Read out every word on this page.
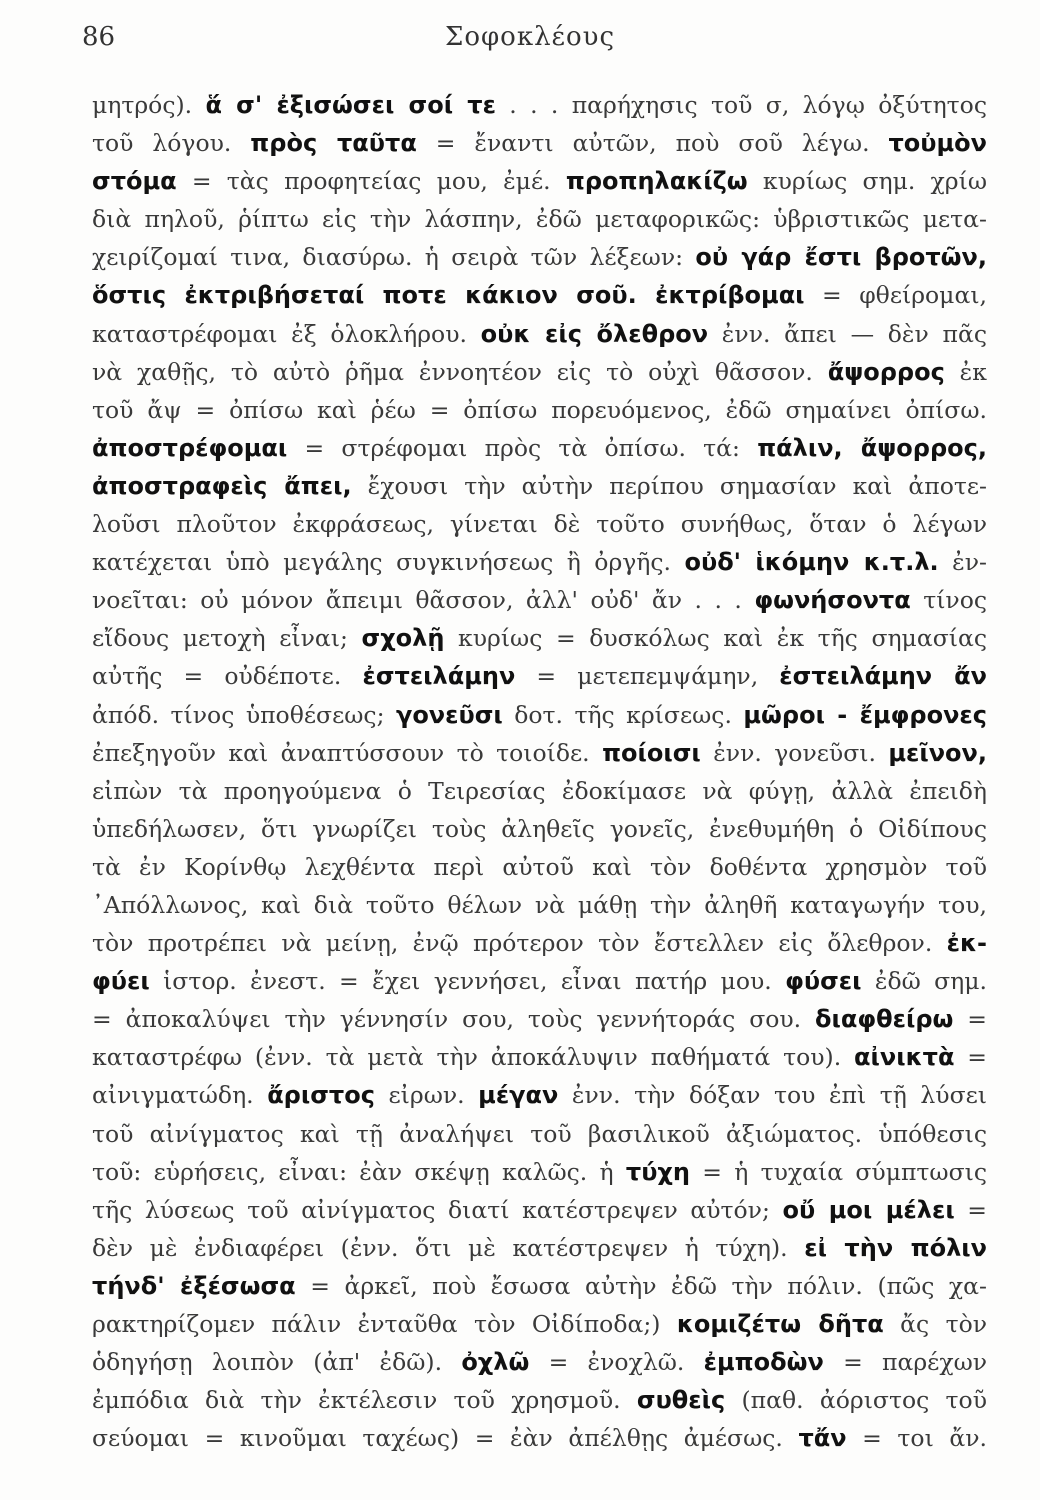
86	Σοφοκλέους
μητρός). ἅ σ' ἐξισώσει σοί τε . . . παρήχησις τοῦ σ, λόγῳ ὀξύτητος
τοῦ λόγου. πρὸς ταῦτα = ἔναντι αὐτῶν, ποὺ σοῦ λέγω. τοὐμὸν
στόμα = τὰς προφητείας μου, ἐμέ. προπηλακίζω κυρίως σημ. χρίω
διὰ πηλοῦ, ῥίπτω εἰς τὴν λάσπην, ἐδῶ μεταφορικῶς: ὑβριστικῶς μετα-
χειρίζομαί τινα, διασύρω. ἡ σειρὰ τῶν λέξεων: οὐ γάρ ἔστι βροτῶν,
ὅστις ἐκτριβήσεταί ποτε κάκιον σοῦ. ἐκτρίβομαι = φθείρομαι,
καταστρέφομαι ἐξ ὁλοκλήρου. οὐκ εἰς ὄλεθρον ἐνν. ἄπει — δὲν πᾶς
νὰ χαθῇς, τὸ αὐτὸ ῥῆμα ἐννοητέον εἰς τὸ οὐχὶ θᾶσσον. ἄψορρος ἐκ
τοῦ ἄψ = ὀπίσω καὶ ῥέω = ὀπίσω πορευόμενος, ἐδῶ σημαίνει ὀπίσω.
ἀποστρέφομαι = στρέφομαι πρὸς τὰ ὀπίσω. τά: πάλιν, ἄψορρος,
ἀποστραφεὶς ἄπει, ἔχουσι τὴν αὐτὴν περίπου σημασίαν καὶ ἀποτε-
λοῦσι πλοῦτον ἐκφράσεως, γίνεται δὲ τοῦτο συνήθως, ὅταν ὁ λέγων
κατέχεται ὑπὸ μεγάλης συγκινήσεως ἢ ὀργῆς. οὐδ' ἱκόμην κ.τ.λ. ἐν-
νοεῖται: οὐ μόνον ἄπειμι θᾶσσον, ἀλλ' οὐδ' ἄν . . . φωνήσοντα τίνος
εἴδους μετοχὴ εἶναι; σχολῇ κυρίως = δυσκόλως καὶ ἐκ τῆς σημασίας
αὐτῆς = οὐδέποτε. ἐστειλάμην = μετεπεμψάμην, ἐστειλάμην ἄν
ἀπόδ. τίνος ὑποθέσεως; γονεῦσι δοτ. τῆς κρίσεως. μῶροι - ἔμφρονες
ἐπεξηγοῦν καὶ ἀναπτύσσουν τὸ τοιοίδε. ποίοισι ἐνν. γονεῦσι. μεῖνον,
εἰπὼν τὰ προηγούμενα ὁ Τειρεσίας ἐδοκίμασε νὰ φύγῃ, ἀλλὰ ἐπειδὴ
ὑπεδήλωσεν, ὅτι γνωρίζει τοὺς ἀληθεῖς γονεῖς, ἐνεθυμήθη ὁ Οἰδίπους
τὰ ἐν Κορίνθῳ λεχθέντα περὶ αὐτοῦ καὶ τὸν δοθέντα χρησμὸν τοῦ
᾿Απόλλωνος, καὶ διὰ τοῦτο θέλων νὰ μάθῃ τὴν ἀληθῆ καταγωγήν του,
τὸν προτρέπει νὰ μείνῃ, ἐνῷ πρότερον τὸν ἔστελλεν εἰς ὄλεθρον. ἐκ-
φύει ἱστορ. ἐνεστ. = ἔχει γεννήσει, εἶναι πατήρ μου. φύσει ἐδῶ σημ.
= ἀποκαλύψει τὴν γέννησίν σου, τοὺς γεννήτοράς σου. διαφθείρω =
καταστρέφω (ἐνν. τὰ μετὰ τὴν ἀποκάλυψιν παθήματά του). αἰνικτὰ =
αἰνιγματώδη. ἄριστος εἰρων. μέγαν ἐνν. τὴν δόξαν του ἐπὶ τῇ λύσει
τοῦ αἰνίγματος καὶ τῇ ἀναλήψει τοῦ βασιλικοῦ ἀξιώματος. ὑπόθεσις
τοῦ: εὑρήσεις, εἶναι: ἐὰν σκέψῃ καλῶς. ἡ τύχη = ἡ τυχαία σύμπτωσις
τῆς λύσεως τοῦ αἰνίγματος διατί κατέστρεψεν αὐτόν; οὔ μοι μέλει =
δὲν μὲ ἐνδιαφέρει (ἐνν. ὅτι μὲ κατέστρεψεν ἡ τύχη). εἰ τὴν πόλιν
τήνδ' ἐξέσωσα = ἀρκεῖ, ποὺ ἔσωσα αὐτὴν ἐδῶ τὴν πόλιν. (πῶς χα-
ρακτηρίζομεν πάλιν ἐνταῦθα τὸν Οἰδίποδα;) κομιζέτω δῆτα ἄς τὸν
ὁδηγήσῃ λοιπὸν (ἀπ' ἐδῶ). ὀχλῶ = ἐνοχλῶ. ἐμποδὼν = παρέχων
ἐμπόδια διὰ τὴν ἐκτέλεσιν τοῦ χρησμοῦ. συθεὶς (παθ. ἀόριστος τοῦ
σεύομαι = κινοῦμαι ταχέως) = ἐὰν ἀπέλθῃς ἀμέσως. τἄν = τοι ἄν.
